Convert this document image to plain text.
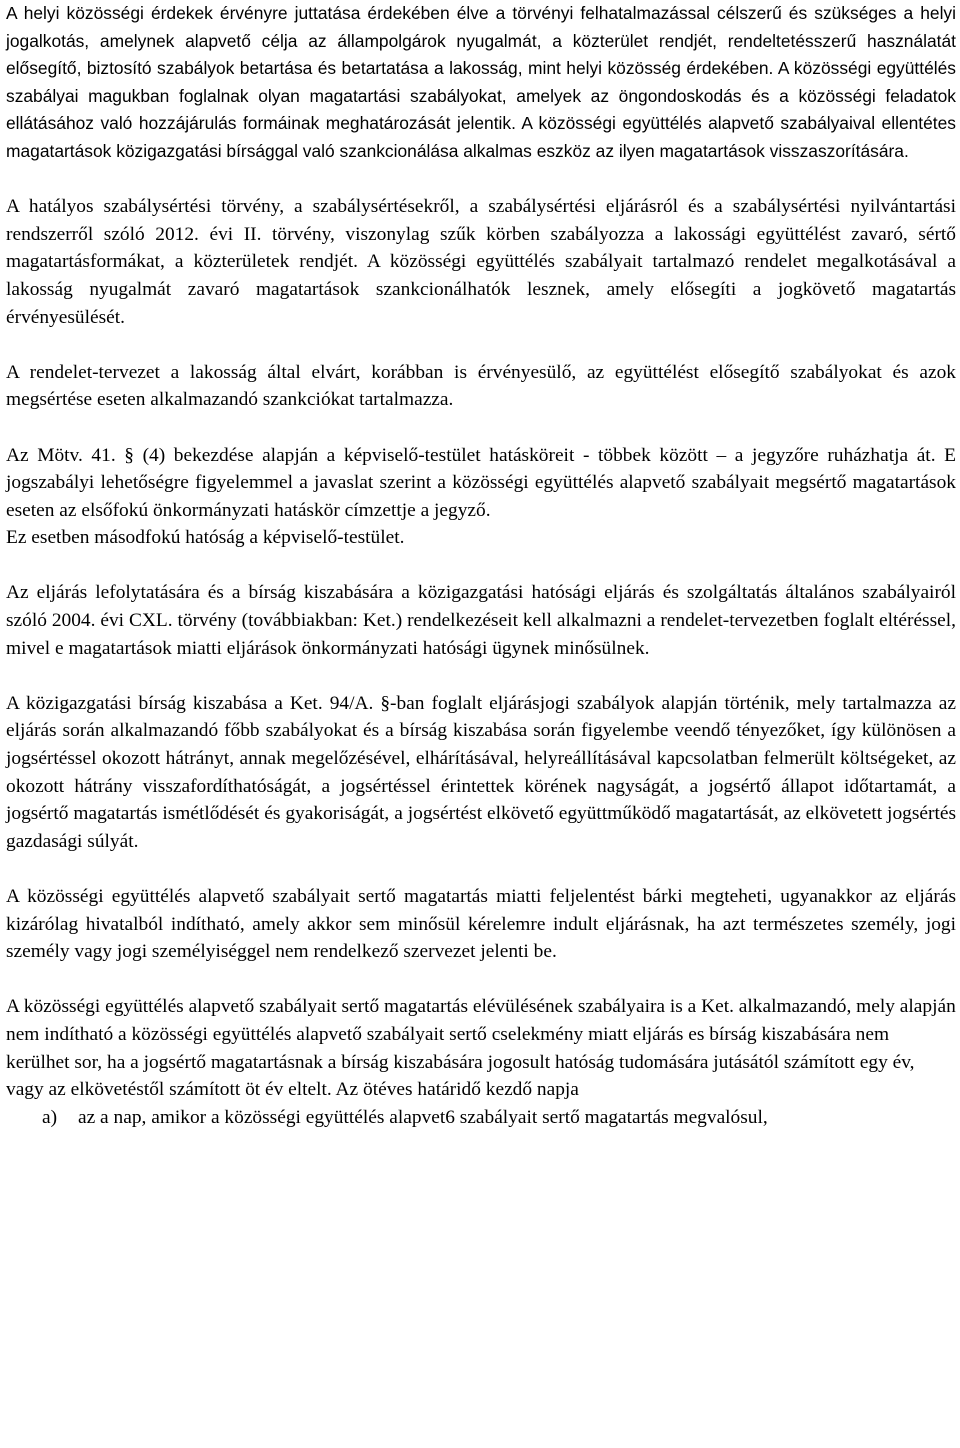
A helyi közösségi érdekek érvényre juttatása érdekében élve a törvényi felhatalmazással célszerű és szükséges a helyi jogalkotás, amelynek alapvető célja az állampolgárok nyugalmát, a közterület rendjét, rendeltetésszerű használatát elősegítő, biztosító szabályok betartása és betartatása a lakosság, mint helyi közösség érdekében. A közösségi együttélés szabályai magukban foglalnak olyan magatartási szabályokat, amelyek az öngondoskodás és a közösségi feladatok ellátásához való hozzájárulás formáinak meghatározását jelentik. A közösségi együttélés alapvető szabályaival ellentétes magatartások közigazgatási bírsággal való szankcionálása alkalmas eszköz az ilyen magatartások visszaszorítására.

A hatályos szabálysértési törvény, a szabálysértésekről, a szabálysértési eljárásról és a szabálysértési nyilvántartási rendszerről szóló 2012. évi II. törvény, viszonylag szűk körben szabályozza a lakossági együttélést zavaró, sértő magatartásformákat, a közterületek rendjét. A közösségi együttélés szabályait tartalmazó rendelet megalkotásával a lakosság nyugalmát zavaró magatartások szankcionálhatók lesznek, amely elősegíti a jogkövető magatartás érvényesülését.

A rendelet-tervezet a lakosság által elvárt, korábban is érvényesülő, az együttélést elősegítő szabályokat és azok megsértése eseten alkalmazandó szankciókat tartalmazza.

Az Mötv. 41. § (4) bekezdése alapján a képviselő-testület hatásköreit - többek között – a jegyzőre ruházhatja át. E jogszabályi lehetőségre figyelemmel a javaslat szerint a közösségi együttélés alapvető szabályait megsértő magatartások eseten az elsőfokú önkormányzati hatáskör címzettje a jegyző.

Ez esetben másodfokú hatóság a képviselő-testület.

Az eljárás lefolytatására és a bírság kiszabására a közigazgatási hatósági eljárás és szolgáltatás általános szabályairól szóló 2004. évi CXL. törvény (továbbiakban: Ket.) rendelkezéseit kell alkalmazni a rendelet-tervezetben foglalt eltéréssel, mivel e magatartások miatti eljárások önkormányzati hatósági ügynek minősülnek.

A közigazgatási bírság kiszabása a Ket. 94/A. §-ban foglalt eljárásjogi szabályok alapján történik, mely tartalmazza az eljárás során alkalmazandó főbb szabályokat és a bírság kiszabása során figyelembe veendő tényezőket, így különösen a jogsértéssel okozott hátrányt, annak megelőzésével, elhárításával, helyreállításával kapcsolatban felmerült költségeket, az okozott hátrány visszafordíthatóságát, a jogsértéssel érintettek körének nagyságát, a jogsértő állapot időtartamát, a jogsértő magatartás ismétlődését és gyakoriságát, a jogsértést elkövető együttműködő magatartását, az elkövetett jogsértés gazdasági súlyát.

A közösségi együttélés alapvető szabályait sertő magatartás miatti feljelentést bárki megteheti, ugyanakkor az eljárás kizárólag hivatalból indítható, amely akkor sem minősül kérelemre indult eljárásnak, ha azt természetes személy, jogi személy vagy jogi személyiséggel nem rendelkező szervezet jelenti be.

A közösségi együttélés alapvető szabályait sertő magatartás elévülésének szabályaira is a Ket. alkalmazandó, mely alapján nem indítható a közösségi együttélés alapvető szabályait sertő cselekmény miatt eljárás es bírság kiszabására nem kerülhet sor, ha a jogsértő magatartásnak a bírság kiszabására jogosult hatóság tudomására jutásától számított egy év, vagy az elkövetéstől számított öt év eltelt. Az ötéves határidő kezdő napja

a)	az a nap, amikor a közösségi együttélés alapvet6 szabályait sertő magatartás megvalósul,
